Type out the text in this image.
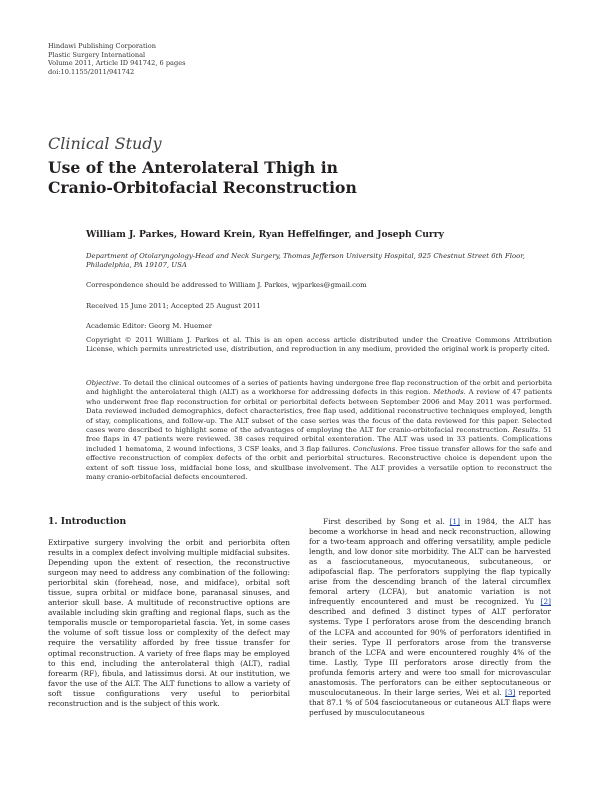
Hindawi Publishing Corporation
Plastic Surgery International
Volume 2011, Article ID 941742, 6 pages
doi:10.1155/2011/941742
Clinical Study
Use of the Anterolateral Thigh in
Cranio-Orbitofacial Reconstruction
William J. Parkes, Howard Krein, Ryan Heffelfinger, and Joseph Curry
Department of Otolaryngology-Head and Neck Surgery, Thomas Jefferson University Hospital, 925 Chestnut Street 6th Floor, Philadelphia, PA 19107, USA
Correspondence should be addressed to William J. Parkes, wjparkes@gmail.com
Received 15 June 2011; Accepted 25 August 2011
Academic Editor: Georg M. Huemer
Copyright © 2011 William J. Parkes et al. This is an open access article distributed under the Creative Commons Attribution License, which permits unrestricted use, distribution, and reproduction in any medium, provided the original work is properly cited.
Objective. To detail the clinical outcomes of a series of patients having undergone free flap reconstruction of the orbit and periorbita and highlight the anterolateral thigh (ALT) as a workhorse for addressing defects in this region. Methods. A review of 47 patients who underwent free flap reconstruction for orbital or periorbital defects between September 2006 and May 2011 was performed. Data reviewed included demographics, defect characteristics, free flap used, additional reconstructive techniques employed, length of stay, complications, and follow-up. The ALT subset of the case series was the focus of the data reviewed for this paper. Selected cases were described to highlight some of the advantages of employing the ALT for cranio-orbitofacial reconstruction. Results. 51 free flaps in 47 patients were reviewed. 38 cases required orbital exenteration. The ALT was used in 33 patients. Complications included 1 hematoma, 2 wound infections, 3 CSF leaks, and 3 flap failures. Conclusions. Free tissue transfer allows for the safe and effective reconstruction of complex defects of the orbit and periorbital structures. Reconstructive choice is dependent upon the extent of soft tissue loss, midfacial bone loss, and skullbase involvement. The ALT provides a versatile option to reconstruct the many cranio-orbitofacial defects encountered.
1. Introduction
Extirpative surgery involving the orbit and periorbita often results in a complex defect involving multiple midfacial subsites. Depending upon the extent of resection, the reconstructive surgeon may need to address any combination of the following: periorbital skin (forehead, nose, and midface), orbital soft tissue, supra orbital or midface bone, paranasal sinuses, and anterior skull base. A multitude of reconstructive options are available including skin grafting and regional flaps, such as the temporalis muscle or temporoparietal fascia. Yet, in some cases the volume of soft tissue loss or complexity of the defect may require the versatility afforded by free tissue transfer for optimal reconstruction. A variety of free flaps may be employed to this end, including the anterolateral thigh (ALT), radial forearm (RF), fibula, and latissimus dorsi. At our institution, we favor the use of the ALT. The ALT functions to allow a variety of soft tissue configurations very useful to periorbital reconstruction and is the subject of this work.
First described by Song et al. [1] in 1984, the ALT has become a workhorse in head and neck reconstruction, allowing for a two-team approach and offering versatility, ample pedicle length, and low donor site morbidity. The ALT can be harvested as a fasciocutaneous, myocutaneous, subcutaneous, or adipofascial flap. The perforators supplying the flap typically arise from the descending branch of the lateral circumflex femoral artery (LCFA), but anatomic variation is not infrequently encountered and must be recognized. Yu [2] described and defined 3 distinct types of ALT perforator systems. Type I perforators arose from the descending branch of the LCFA and accounted for 90% of perforators identified in their series. Type II perforators arose from the transverse branch of the LCFA and were encountered roughly 4% of the time. Lastly, Type III perforators arose directly from the profunda femoris artery and were too small for microvascular anastomosis. The perforators can be either septocutaneous or musculocutaneous. In their large series, Wei et al. [3] reported that 87.1 % of 504 fasciocutaneous or cutaneous ALT flaps were perfused by musculocutaneous
